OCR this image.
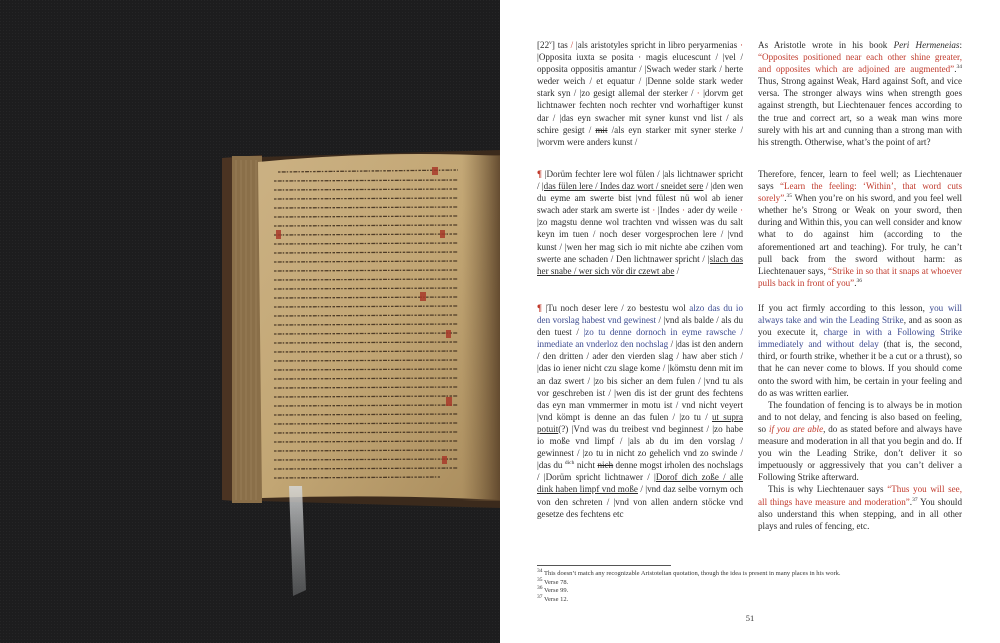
[22$^v$] tas / |als aristotyles spricht in libro peryarmenias · |Opposita iuxta se posita · magis elucescunt / |vel / opposita oppositis amantur / |Swach weder stark / herte weder weich / et equatur / |Denne solde stark weder stark syn / |zo gesigt allemal der sterker / · |dorvm get lichtnawer fechten noch rechter vnd worhaftiger kunst dar / |das eyn swacher mit syner kunst vnd list / als schire gesigt / mit /als eyn starker mit syner sterke / |worvm were anders kunst /

As Aristotle wrote in his book Peri Hermeneias: “Opposites positioned near each other shine greater, and opposites which are adjoined are augmented”.$^{34}$ Thus, Strong against Weak, Hard against Soft, and vice versa. The stronger always wins when strength goes against strength, but Liechtenauer fences according to the true and correct art, so a weak man wins more surely with his art and cunning than a strong man with his strength. Otherwise, what’s the point of art?

¶ |Dorüm fechter lere wol fülen / |als lichtnawer spricht / |das fülen lere / Indes daz wort / sneidet sere / |den wen du eyme am swerte bist |vnd fülest nü wol ab iener swach ader stark am swerte ist · |Indes · ader dy weile · |zo magstu denne wol trachten vnd wissen was du salt keyn im tuen / noch deser vorgesprochen lere / |vnd kunst / |wen her mag sich io mit nichte abe czihen vom swerte ane schaden / Den lichtnawer spricht / |slach das her snabe / wer sich vör dir czewt abe /

Therefore, fencer, learn to feel well; as Liechtenauer says “Learn the feeling: ‘Within’, that word cuts sorely”.$^{35}$ When you’re on his sword, and you feel well whether he’s Strong or Weak on your sword, then during and Within this, you can well consider and know what to do against him (according to the aforementioned art and teaching). For truly, he can’t pull back from the sword without harm: as Liechtenauer says, “Strike in so that it snaps at whoever pulls back in front of you”.$^{36}$

¶ |Tu noch deser lere / zo bestestu wol alzo das du io den vorslag habest vnd gewinest / |vnd als balde / als du den tuest / |zo tu denne dornoch in eyme rawsche / inmediate an vnderloz den nochslag / |das ist den andern / den dritten / ader den vierden slag / haw aber stich / |das io iener nicht czu slage kome / |kömstu denn mit im an daz swert / |zo bis sicher an dem fulen / |vnd tu als vor geschreben ist / |wen dis ist der grunt des fechtens das eyn man vmmermer in motu ist / vnd nicht veyert |vnd kömpt is denne an das fulen / |zo tu / ut supra potuit(?) |Vnd was du treibest vnd beginnest / |zo habe io moße vnd limpf / |als ab du im den vorslag / gewinnest / |zo tu in nicht zo gehelich vnd zo swinde / |das du $^{dich}$ nicht nich denne mogst irholen des nochslags / |Dorüm spricht lichtnawer / |Dorof dich zoße / alle dink haben limpf vnd moße / |vnd daz selbe vornym och von den schreten / |vnd von allen andern stöcke vnd gesetze des fechtens etc

If you act firmly according to this lesson, you will always take and win the Leading Strike, and as soon as you execute it, charge in with a Following Strike immediately and without delay (that is, the second, third, or fourth strike, whether it be a cut or a thrust), so that he can never come to blows. If you should come onto the sword with him, be certain in your feeling and do as was written earlier.

The foundation of fencing is to always be in motion and to not delay, and fencing is also based on feeling, so if you are able, do as stated before and always have measure and moderation in all that you begin and do. If you win the Leading Strike, don’t deliver it so impetuously or aggressively that you can’t deliver a Following Strike afterward.

This is why Liechtenauer says “Thus you will see, all things have measure and moderation”.$^{37}$ You should also understand this when stepping, and in all other plays and rules of fencing, etc.

$^{34}$ This doesn’t match any recognizable Aristotelian quotation, though the idea is present in many places in his work.
$^{35}$ Verse 78.
$^{36}$ Verse 99.
$^{37}$ Verse 12.
51
